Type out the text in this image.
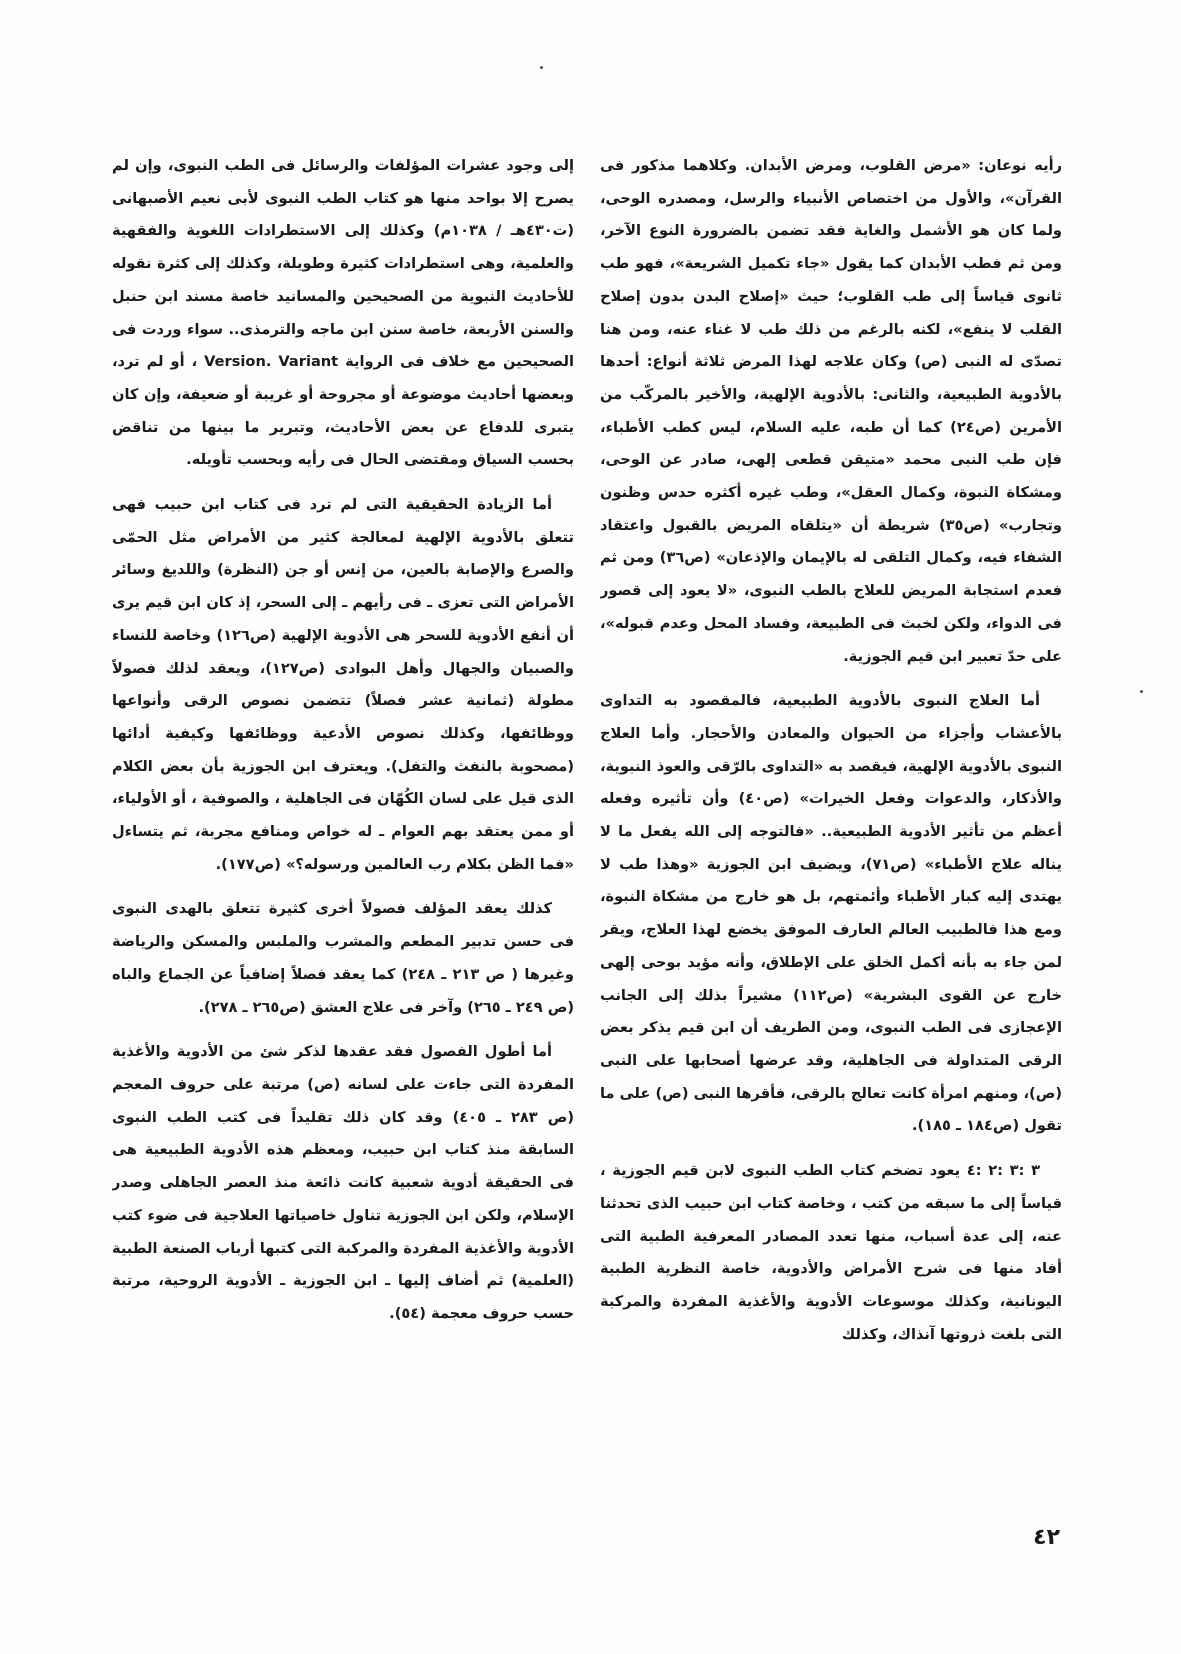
رأيه نوعان: «مرض القلوب، ومرض الأبدان. وكلاهما مذكور فى القرآن»، والأول من اختصاص الأنبياء والرسل، ومصدره الوحى، ولما كان هو الأشمل والغاية فقد تضمن بالضرورة النوع الآخر، ومن ثم فطب الأبدان كما يقول «جاء تكميل الشريعة»، فهو طب ثانوى قياساً إلى طب القلوب؛ حيث «إصلاح البدن بدون إصلاح القلب لا ينفع»، لكنه بالرغم من ذلك طب لا غناء عنه، ومن هنا تصدّى له النبى (ص) وكان علاجه لهذا المرض ثلاثة أنواع: أحدها بالأدوية الطبيعية، والثانى: بالأدوية الإلهية، والأخير بالمركّب من الأمرين (ص٢٤) كما أن طبه، عليه السلام، ليس كطب الأطباء، فإن طب النبى محمد «متيقن قطعى إلهى، صادر عن الوحى، ومشكاة النبوة، وكمال العقل»، وطب غيره أكثره حدس وظنون وتجارب» (ص٣٥) شريطة أن «يتلقاه المريض بالقبول واعتقاد الشفاء فيه، وكمال التلقى له بالإيمان والإذعان» (ص٣٦) ومن ثم فعدم استجابة المريض للعلاج بالطب النبوى، «لا يعود إلى قصور فى الدواء، ولكن لخبث فى الطبيعة، وفساد المحل وعدم قبوله»، على حدّ تعبير ابن قيم الجوزية.

أما العلاج النبوى بالأدوية الطبيعية، فالمقصود به التداوى بالأعشاب وأجزاء من الحيوان والمعادن والأحجار. وأما العلاج النبوى بالأدوية الإلهية، فيقصد به «التداوى بالرّقى والعوذ النبوية، والأذكار، والدعوات وفعل الخيرات» (ص٤٠) وأن تأثيره وفعله أعظم من تأثير الأدوية الطبيعية.. «فالتوجه إلى الله يفعل ما لا يناله علاج الأطباء» (ص٧١)، ويضيف ابن الجوزية «وهذا طب لا يهتدى إليه كبار الأطباء وأئمتهم، بل هو خارج من مشكاة النبوة، ومع هذا فالطبيب العالم العارف الموفق يخضع لهذا العلاج، ويقر لمن جاء به بأنه أكمل الخلق على الإطلاق، وأنه مؤيد بوحى إلهى خارج عن القوى البشرية» (ص١١٢) مشيراً بذلك إلى الجانب الإعجازى فى الطب النبوى، ومن الطريف أن ابن قيم يذكر بعض الرقى المتداولة فى الجاهلية، وقد عرضها أصحابها على النبى (ص)، ومنهم امرأة كانت تعالج بالرقى، فأقرها النبى (ص) على ما تقول (ص١٨٤ ـ ١٨٥).

٣ :٣ :٢ :٤ يعود تضخم كتاب الطب النبوى لابن قيم الجوزية ، قياساً إلى ما سبقه من كتب ، وخاصة كتاب ابن حبيب الذى تحدثنا عنه، إلى عدة أسباب، منها تعدد المصادر المعرفية الطبية التى أفاد منها فى شرح الأمراض والأدوية، خاصة النظرية الطبية اليونانية، وكذلك موسوعات الأدوية والأغذية المفردة والمركبة التى بلغت ذروتها آنذاك، وكذلك

إلى وجود عشرات المؤلفات والرسائل فى الطب النبوى، وإن لم يصرح إلا بواحد منها هو كتاب الطب النبوى لأبى نعيم الأصبهانى (ت٤٣٠هـ / ١٠٣٨م) وكذلك إلى الاستطرادات اللغوية والفقهية والعلمية، وهى استطرادات كثيرة وطويلة، وكذلك إلى كثرة نقوله للأحاديث النبوية من الصحيحين والمسانيد خاصة مسند ابن حنبل والسنن الأربعة، خاصة سنن ابن ماجه والترمذى.. سواء وردت فى الصحيحين مع خلاف فى الرواية Version. Variant ، أو لم ترد، وبعضها أحاديث موضوعة أو مجروحة أو غريبة أو ضعيفة، وإن كان يتبرى للدفاع عن بعض الأحاديث، وتبرير ما بينها من تناقض بحسب السياق ومقتضى الحال فى رأيه وبحسب تأويله.

أما الزيادة الحقيقية التى لم ترد فى كتاب ابن حبيب فهى تتعلق بالأدوية الإلهية لمعالجة كثير من الأمراض مثل الحمّى والصرع والإصابة بالعين، من إنس أو جن (النظرة) واللديغ وسائر الأمراض التى تعزى ـ فى رأيهم ـ إلى السحر، إذ كان ابن قيم يرى أن أنفع الأدوية للسحر هى الأدوية الإلهية (ص١٢٦) وخاصة للنساء والصبيان والجهال وأهل البوادى (ص١٢٧)، ويعقد لذلك فصولاً مطولة (ثمانية عشر فصلاً) تتضمن نصوص الرقى وأنواعها ووظائفها، وكذلك نصوص الأدعية ووظائفها وكيفية أدائها (مصحوبة بالنفث والتفل). ويعترف ابن الجوزية بأن بعض الكلام الذى قيل على لسان الكُهّان فى الجاهلية ، والصوفية ، أو الأولياء، أو ممن يعتقد بهم العوام ـ له خواص ومنافع مجربة، ثم يتساءل «فما الظن بكلام رب العالمين ورسوله؟» (ص١٧٧).

كذلك يعقد المؤلف فصولاً أخرى كثيرة تتعلق بالهدى النبوى فى حسن تدبير المطعم والمشرب والملبس والمسكن والرياضة وغيرها ( ص ٢١٣ ـ ٢٤٨) كما يعقد فصلاً إضافياً عن الجماع والباه (ص ٢٤٩ ـ ٢٦٥) وآخر فى علاج العشق (ص٢٦٥ ـ ٢٧٨).

أما أطول الفصول فقد عقدها لذكر شئ من الأدوية والأغذية المفردة التى جاءت على لسانه (ص) مرتبة على حروف المعجم (ص ٢٨٣ ـ ٤٠٥) وقد كان ذلك تقليداً فى كتب الطب النبوى السابقة منذ كتاب ابن حبيب، ومعظم هذه الأدوية الطبيعية هى فى الحقيقة أدوية شعبية كانت ذائعة منذ العصر الجاهلى وصدر الإسلام، ولكن ابن الجوزية تناول خاصياتها العلاجية فى ضوء كتب الأدوية والأغذية المفردة والمركبة التى كتبها أرباب الصنعة الطبية (العلمية) ثم أضاف إليها ـ ابن الجوزية ـ الأدوية الروحية، مرتبة حسب حروف معجمة (٥٤).

٤٢
